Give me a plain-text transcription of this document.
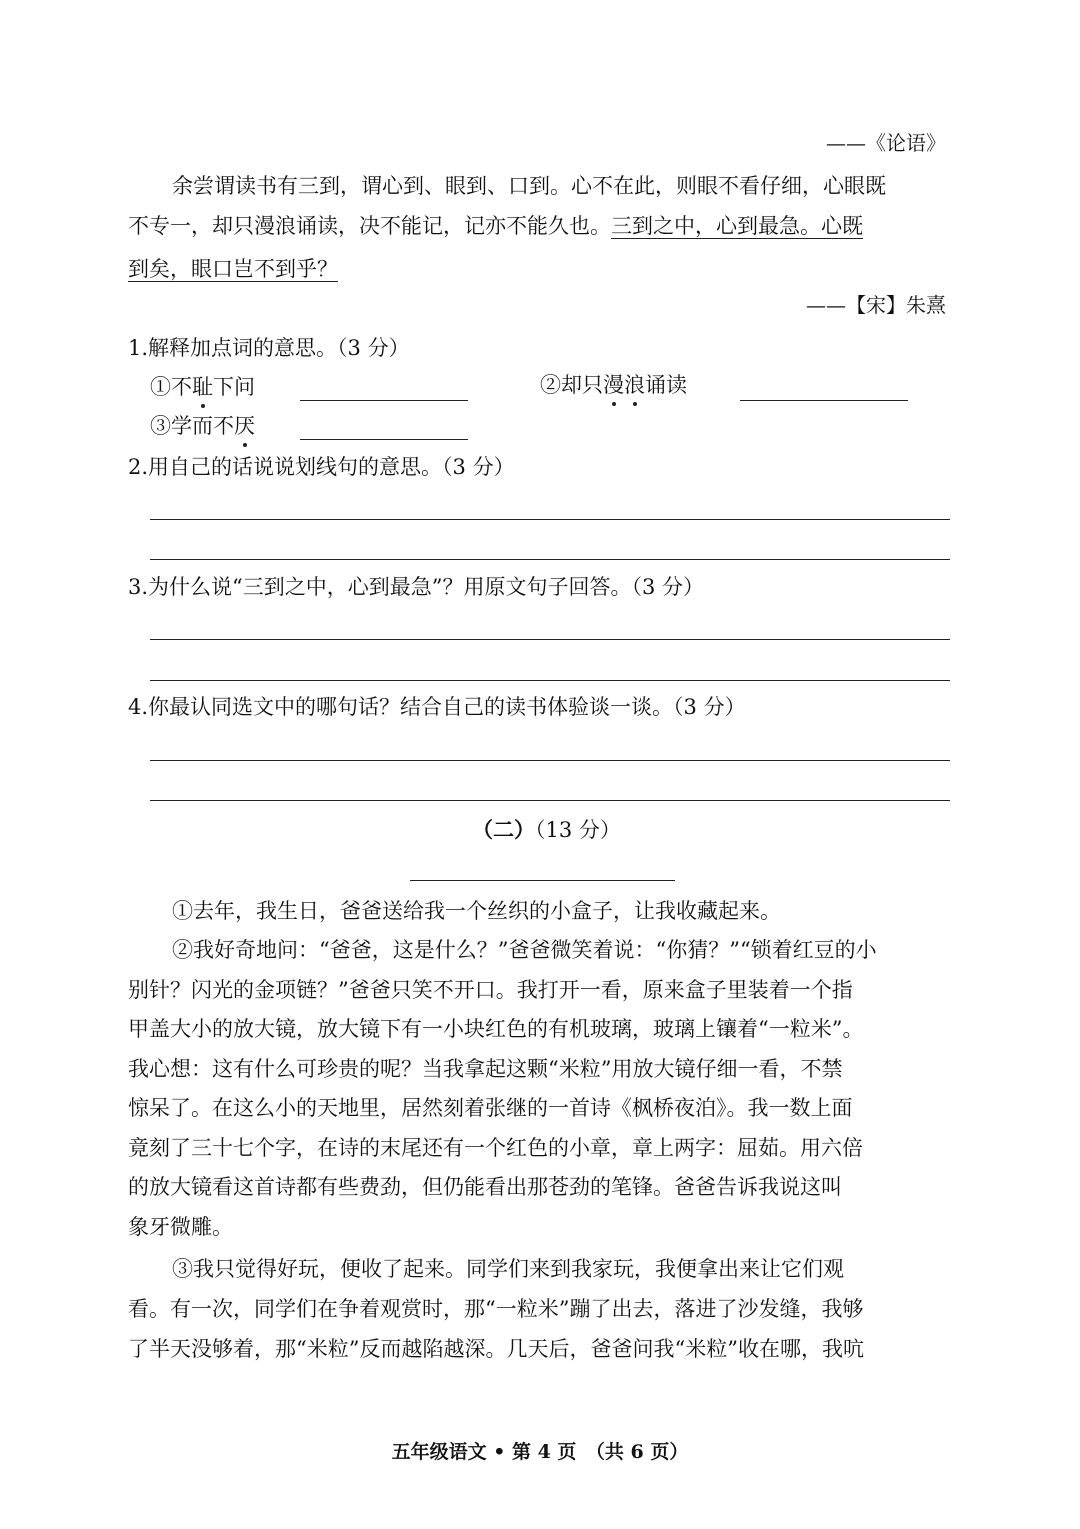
——《论语》
余尝谓读书有三到，谓心到、眼到、口到。心不在此，则眼不看仔细，心眼既
不专一，却只漫浪诵读，决不能记，记亦不能久也。三到之中，心到最急。心既
到矣，眼口岂不到乎？
——【宋】朱熹
1.解释加点词的意思。（3 分）
①不耻下问	②却只漫浪诵读
③学而不厌
2.用自己的话说说划线句的意思。（3 分）
3.为什么说“三到之中，心到最急”？用原文句子回答。（3 分）
4.你最认同选文中的哪句话？结合自己的读书体验谈一谈。（3 分）
（二）（13 分）
①去年，我生日，爸爸送给我一个丝织的小盒子，让我收藏起来。
②我好奇地问：“爸爸，这是什么？”爸爸微笑着说：“你猜？”“锁着红豆的小
别针？闪光的金项链？”爸爸只笑不开口。我打开一看，原来盒子里装着一个指
甲盖大小的放大镜，放大镜下有一小块红色的有机玻璃，玻璃上镶着“一粒米”。
我心想：这有什么可珍贵的呢？当我拿起这颗“米粒”用放大镜仔细一看，不禁
惊呆了。在这么小的天地里，居然刻着张继的一首诗《枫桥夜泊》。我一数上面
竟刻了三十七个字，在诗的末尾还有一个红色的小章，章上两字：屈茹。用六倍
的放大镜看这首诗都有些费劲，但仍能看出那苍劲的笔锋。爸爸告诉我说这叫
象牙微雕。
③我只觉得好玩，便收了起来。同学们来到我家玩，我便拿出来让它们观
看。有一次，同学们在争着观赏时，那“一粒米”蹦了出去，落进了沙发缝，我够
了半天没够着，那“米粒”反而越陷越深。几天后，爸爸问我“米粒”收在哪，我吭
五年级语文 • 第 4 页　（共 6 页）
